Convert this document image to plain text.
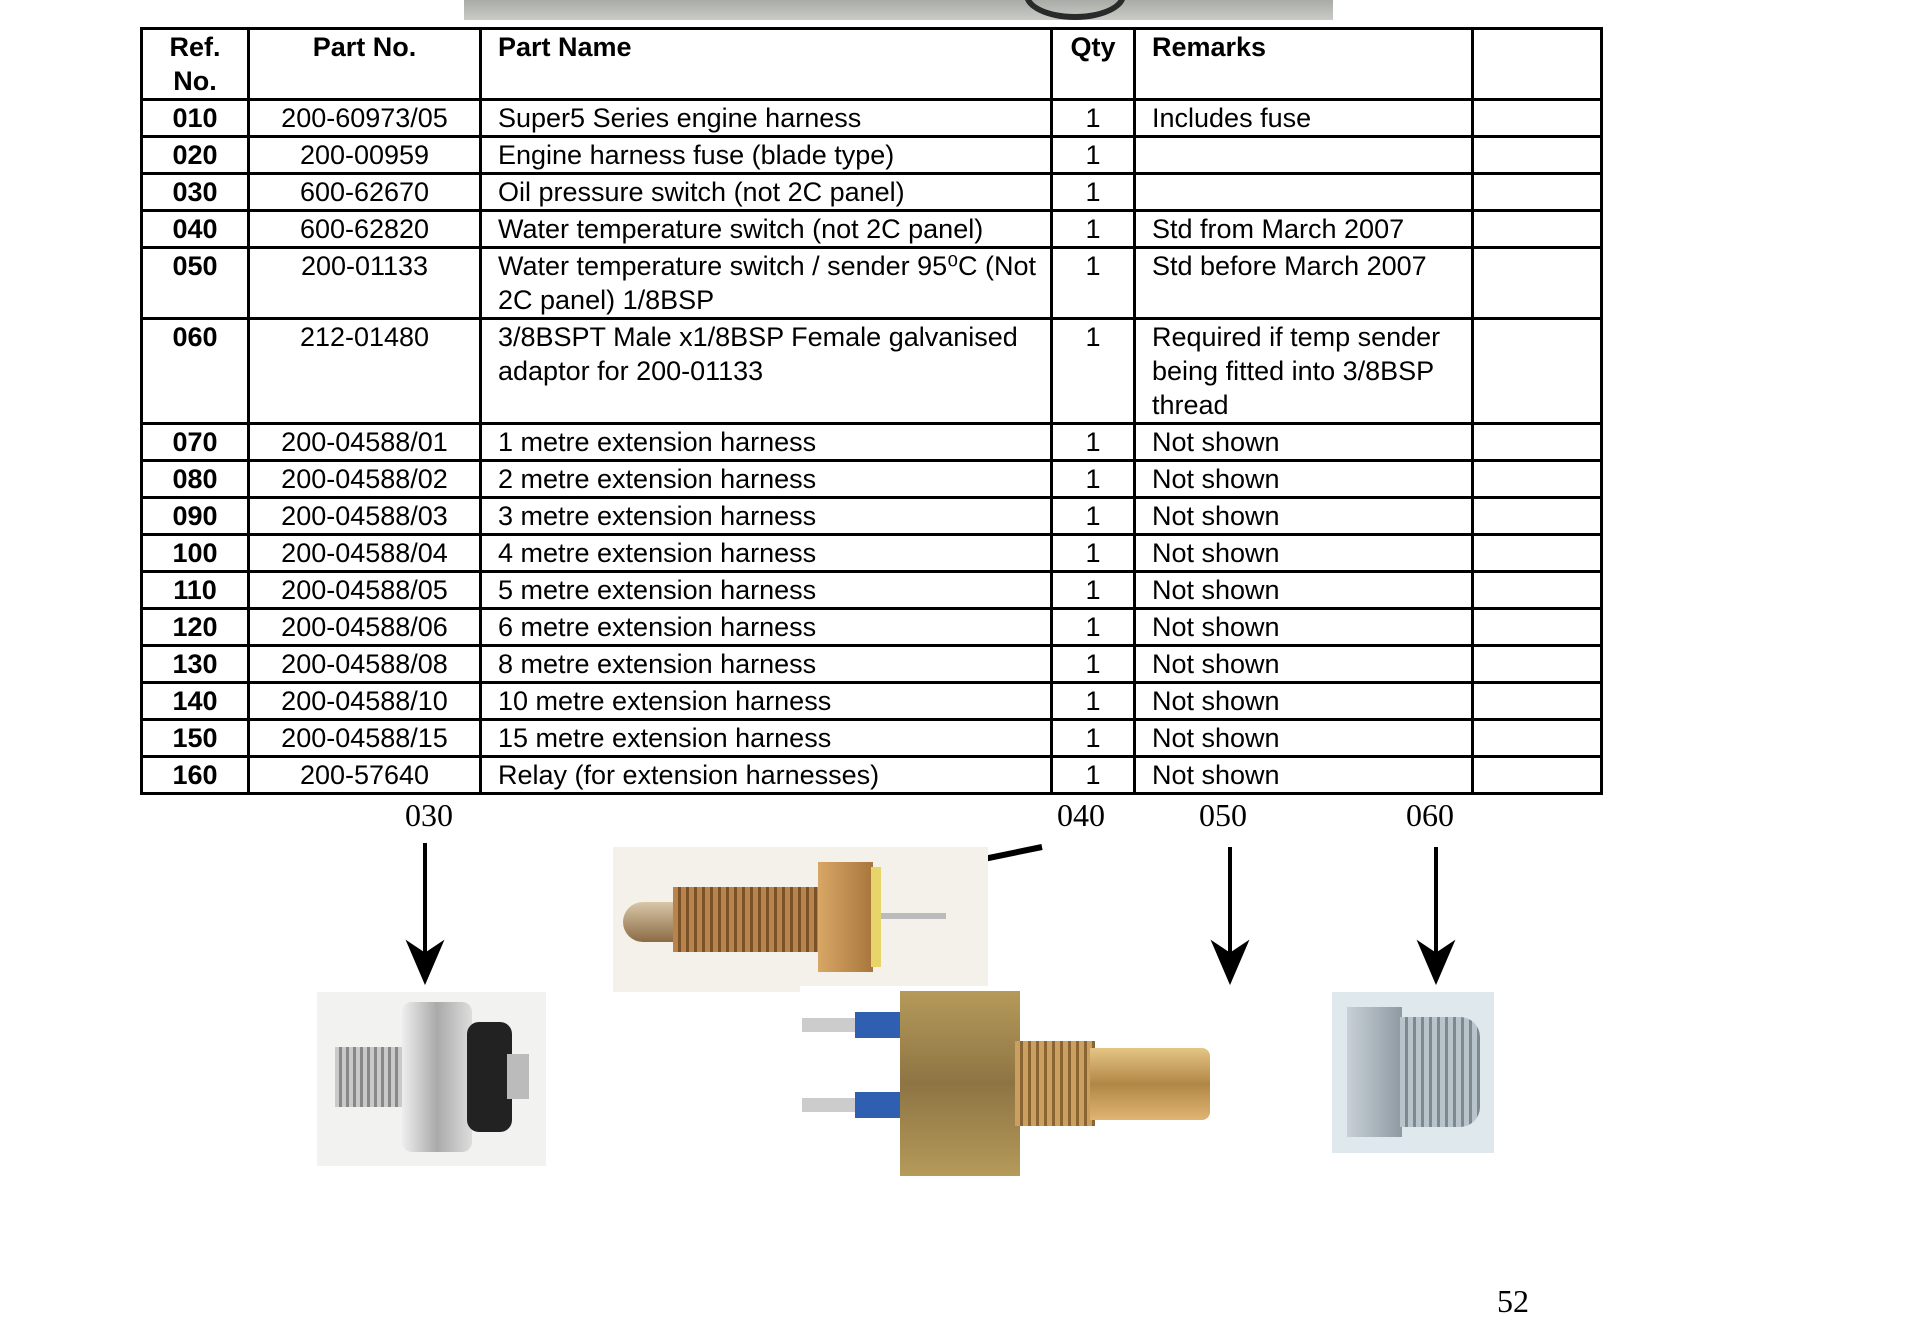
Ref.
No.	Part No.	Part Name	Qty	Remarks	
010	200-60973/05	Super5 Series engine harness	1	Includes fuse	
020	200-00959	Engine harness fuse (blade type)	1		
030	600-62670	Oil pressure switch (not 2C panel)	1		
040	600-62820	Water temperature switch (not 2C panel)	1	Std from March 2007	
050	200-01133	Water temperature switch / sender 95⁰C (Not 2C panel) 1/8BSP	1	Std before March 2007	
060	212-01480	3/8BSPT Male x1/8BSP Female galvanised adaptor for 200-01133	1	Required if temp sender being fitted into 3/8BSP thread	
070	200-04588/01	1 metre extension harness	1	Not shown	
080	200-04588/02	2 metre extension harness	1	Not shown	
090	200-04588/03	3 metre extension harness	1	Not shown	
100	200-04588/04	4 metre extension harness	1	Not shown	
110	200-04588/05	5 metre extension harness	1	Not shown	
120	200-04588/06	6 metre extension harness	1	Not shown	
130	200-04588/08	8 metre extension harness	1	Not shown	
140	200-04588/10	10 metre extension harness	1	Not shown	
150	200-04588/15	15 metre extension harness	1	Not shown	
160	200-57640	Relay (for extension harnesses)	1	Not shown	
030	040	050	060
52
